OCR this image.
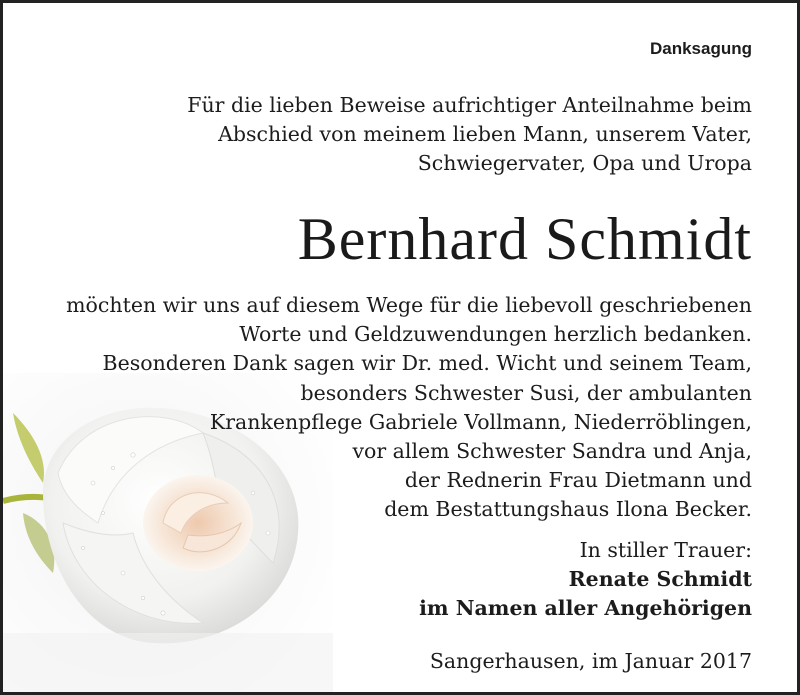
Danksagung
Für die lieben Beweise aufrichtiger Anteilnahme beim
Abschied von meinem lieben Mann, unserem Vater,
Schwiegervater, Opa und Uropa
Bernhard Schmidt
möchten wir uns auf diesem Wege für die liebevoll geschriebenen
Worte und Geldzuwendungen herzlich bedanken.
Besonderen Dank sagen wir Dr. med. Wicht und seinem Team,
besonders Schwester Susi, der ambulanten
Krankenpflege Gabriele Vollmann, Niederröblingen,
vor allem Schwester Sandra und Anja,
der Rednerin Frau Dietmann und
dem Bestattungshaus Ilona Becker.
In stiller Trauer:
Renate Schmidt
im Namen aller Angehörigen
Sangerhausen, im Januar 2017
